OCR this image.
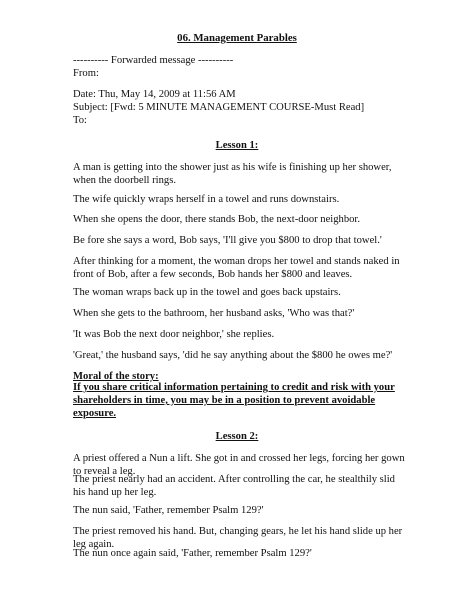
06. Management Parables
---------- Forwarded message ----------
From:
Date: Thu, May 14, 2009 at 11:56 AM
Subject: [Fwd: 5 MINUTE MANAGEMENT COURSE-Must Read]
To:
Lesson 1:
A man is getting into the shower just as his wife is finishing up her shower, when the doorbell rings.
The wife quickly wraps herself in a towel and runs downstairs.
When she opens the door, there stands Bob, the next-door neighbor.
Be fore she says a word, Bob says, 'I'll give you $800 to drop that towel.'
After thinking for a moment, the woman drops her towel and stands naked in front of Bob, after a few seconds, Bob hands her $800 and leaves.
The woman wraps back up in the towel and goes back upstairs.
When she gets to the bathroom, her husband asks, 'Who was that?'
'It was Bob the next door neighbor,' she replies.
'Great,' the husband says, 'did he say anything about the $800 he owes me?'
Moral of the story:
If you share critical information pertaining to credit and risk with your shareholders in time, you may be in a position to prevent avoidable exposure.
Lesson 2:
A priest offered a Nun a lift. She got in and crossed her legs, forcing her gown to reveal a leg.
The priest nearly had an accident. After controlling the car, he stealthily slid his hand up her leg.
The nun said, 'Father, remember Psalm 129?'
The priest removed his hand. But, changing gears, he let his hand slide up her leg again.
The nun once again said, 'Father, remember Psalm 129?'
